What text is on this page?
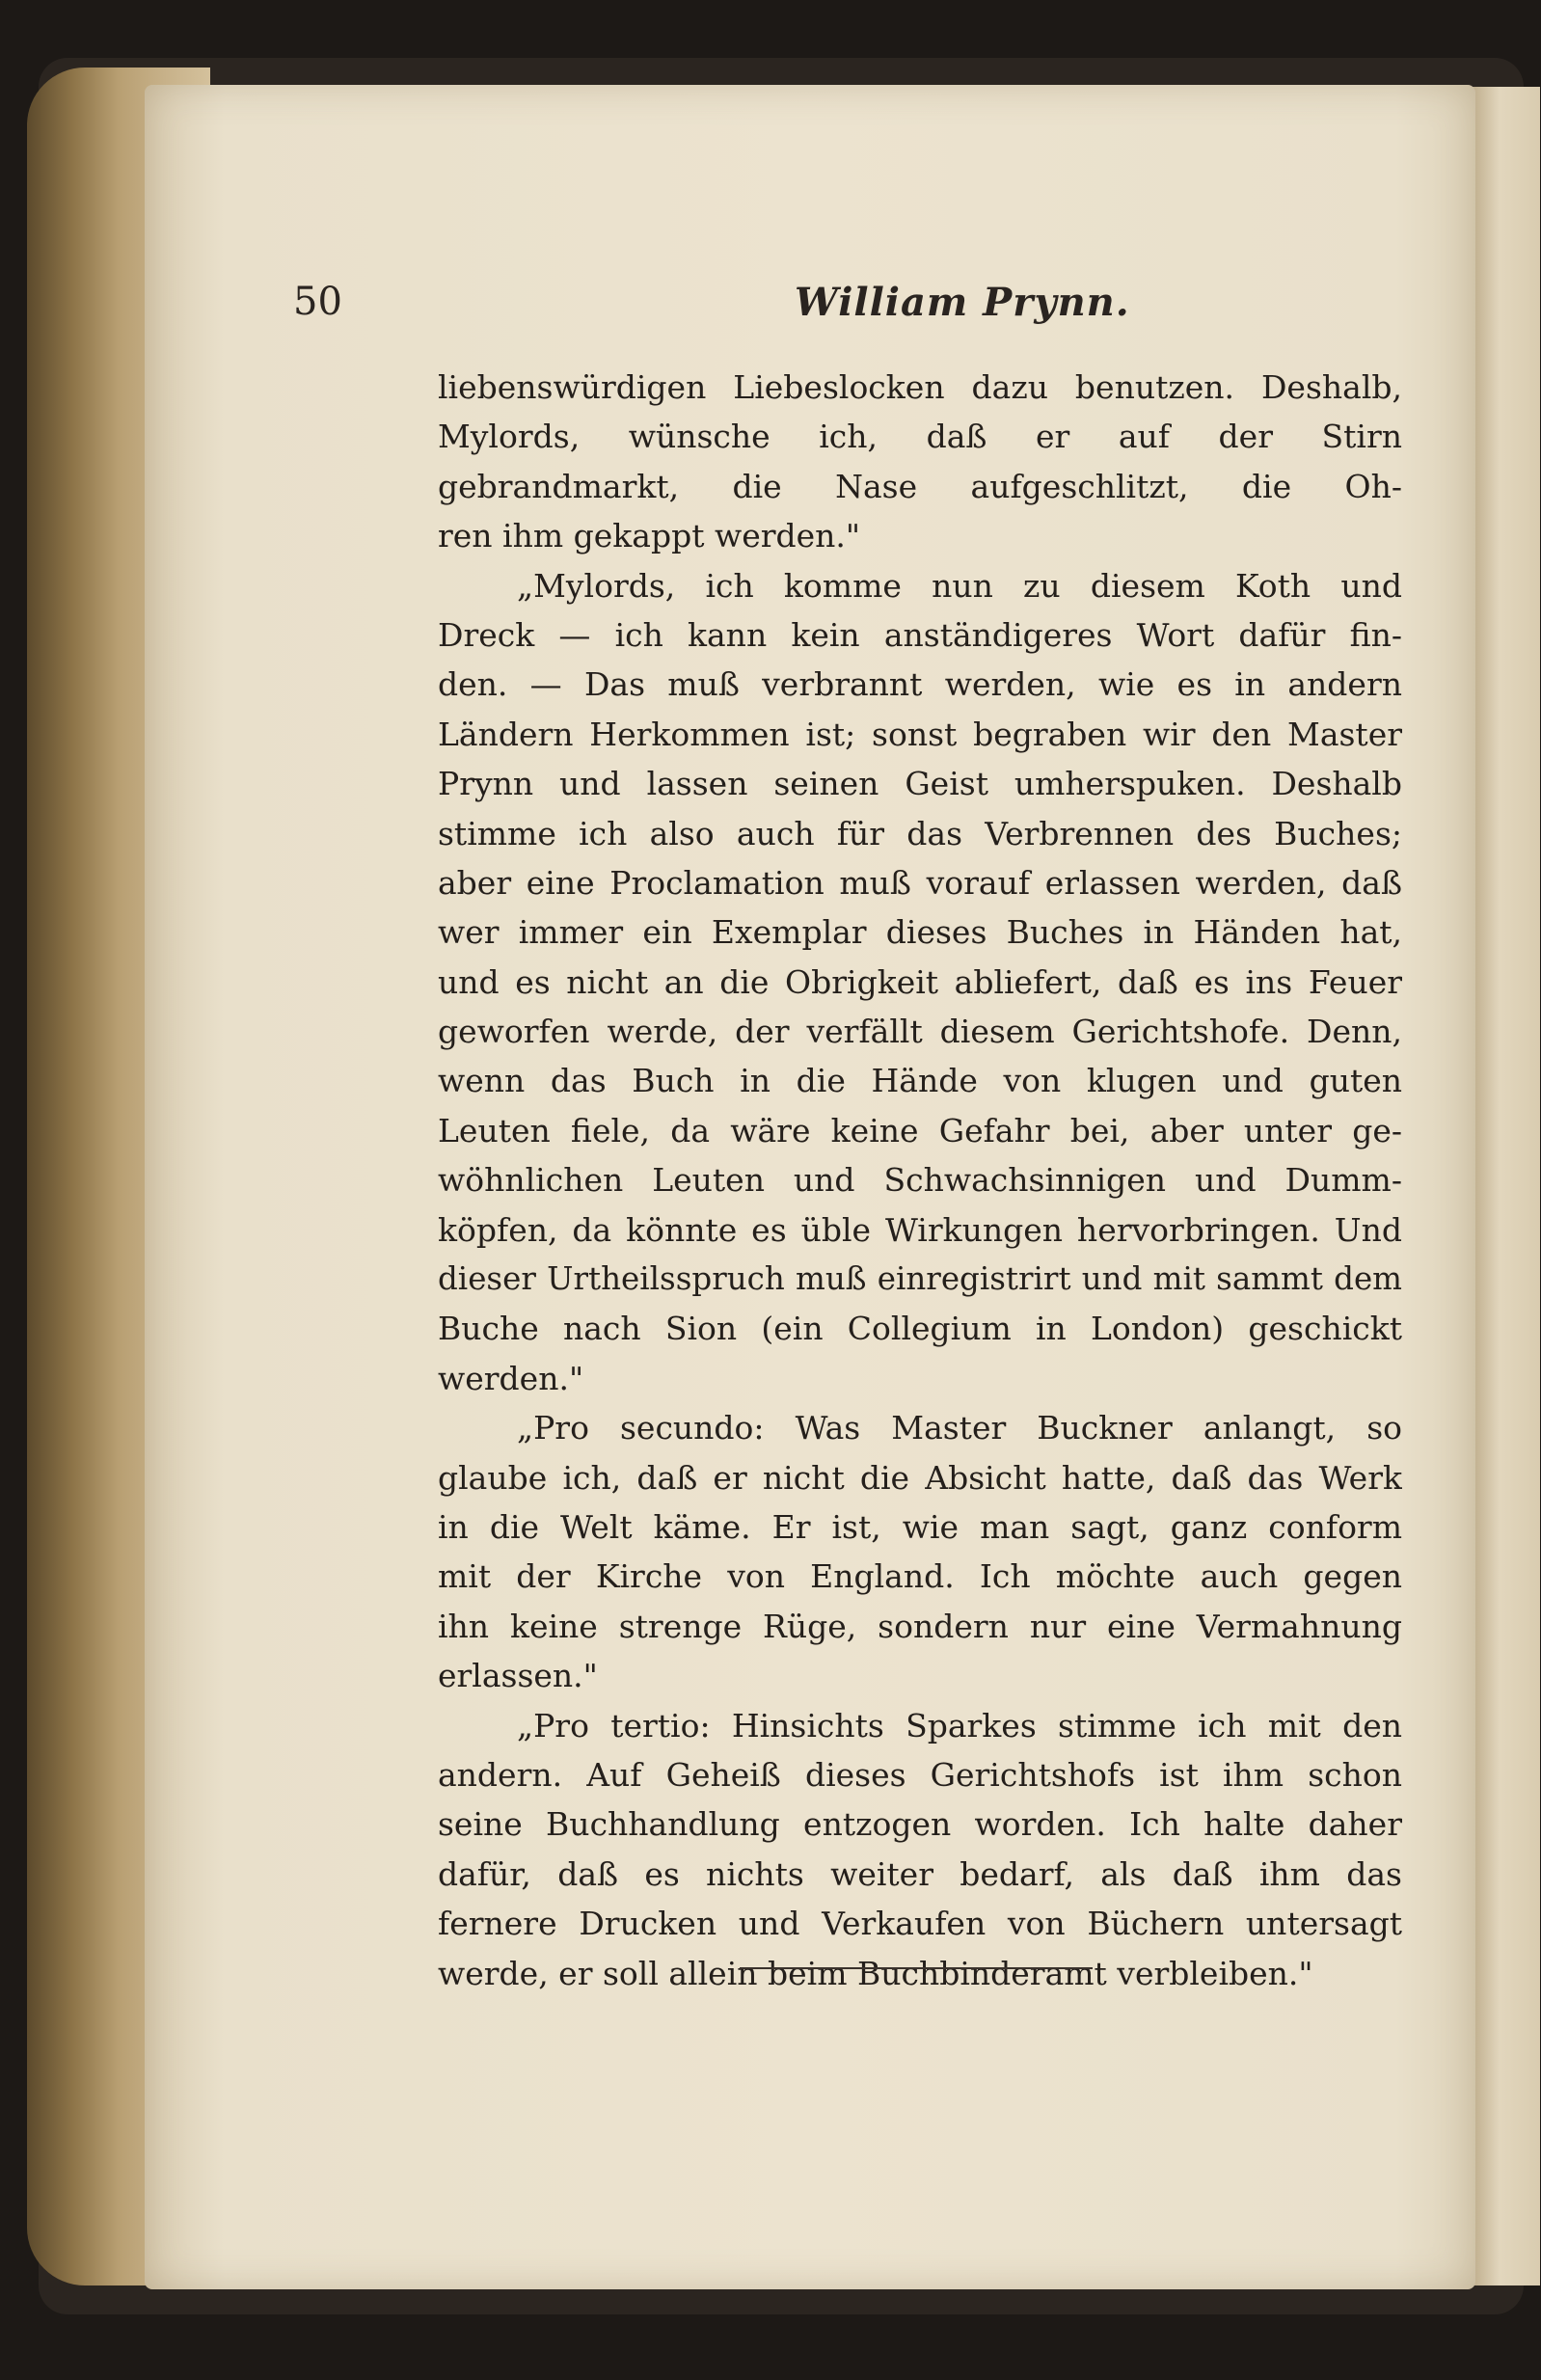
50	William Prynn.
liebenswürdigen Liebeslocken dazu benutzen. Deshalb,
Mylords, wünsche ich, daß er auf der Stirn
gebrandmarkt, die Nase aufgeschlitzt, die Oh-
ren ihm gekappt werden."
„Mylords, ich komme nun zu diesem Koth und
Dreck — ich kann kein anständigeres Wort dafür fin-
den. — Das muß verbrannt werden, wie es in andern
Ländern Herkommen ist; sonst begraben wir den Master
Prynn und lassen seinen Geist umherspuken. Deshalb
stimme ich also auch für das Verbrennen des Buches;
aber eine Proclamation muß vorauf erlassen werden, daß
wer immer ein Exemplar dieses Buches in Händen hat,
und es nicht an die Obrigkeit abliefert, daß es ins Feuer
geworfen werde, der verfällt diesem Gerichtshofe. Denn,
wenn das Buch in die Hände von klugen und guten
Leuten fiele, da wäre keine Gefahr bei, aber unter ge-
wöhnlichen Leuten und Schwachsinnigen und Dumm-
köpfen, da könnte es üble Wirkungen hervorbringen. Und
dieser Urtheilsspruch muß einregistrirt und mit sammt dem
Buche nach Sion (ein Collegium in London) geschickt
werden."
„Pro secundo: Was Master Buckner anlangt, so
glaube ich, daß er nicht die Absicht hatte, daß das Werk
in die Welt käme. Er ist, wie man sagt, ganz conform
mit der Kirche von England. Ich möchte auch gegen
ihn keine strenge Rüge, sondern nur eine Vermahnung
erlassen."
„Pro tertio: Hinsichts Sparkes stimme ich mit den
andern. Auf Geheiß dieses Gerichtshofs ist ihm schon
seine Buchhandlung entzogen worden. Ich halte daher
dafür, daß es nichts weiter bedarf, als daß ihm das
fernere Drucken und Verkaufen von Büchern untersagt
werde, er soll allein beim Buchbinderamt verbleiben."
